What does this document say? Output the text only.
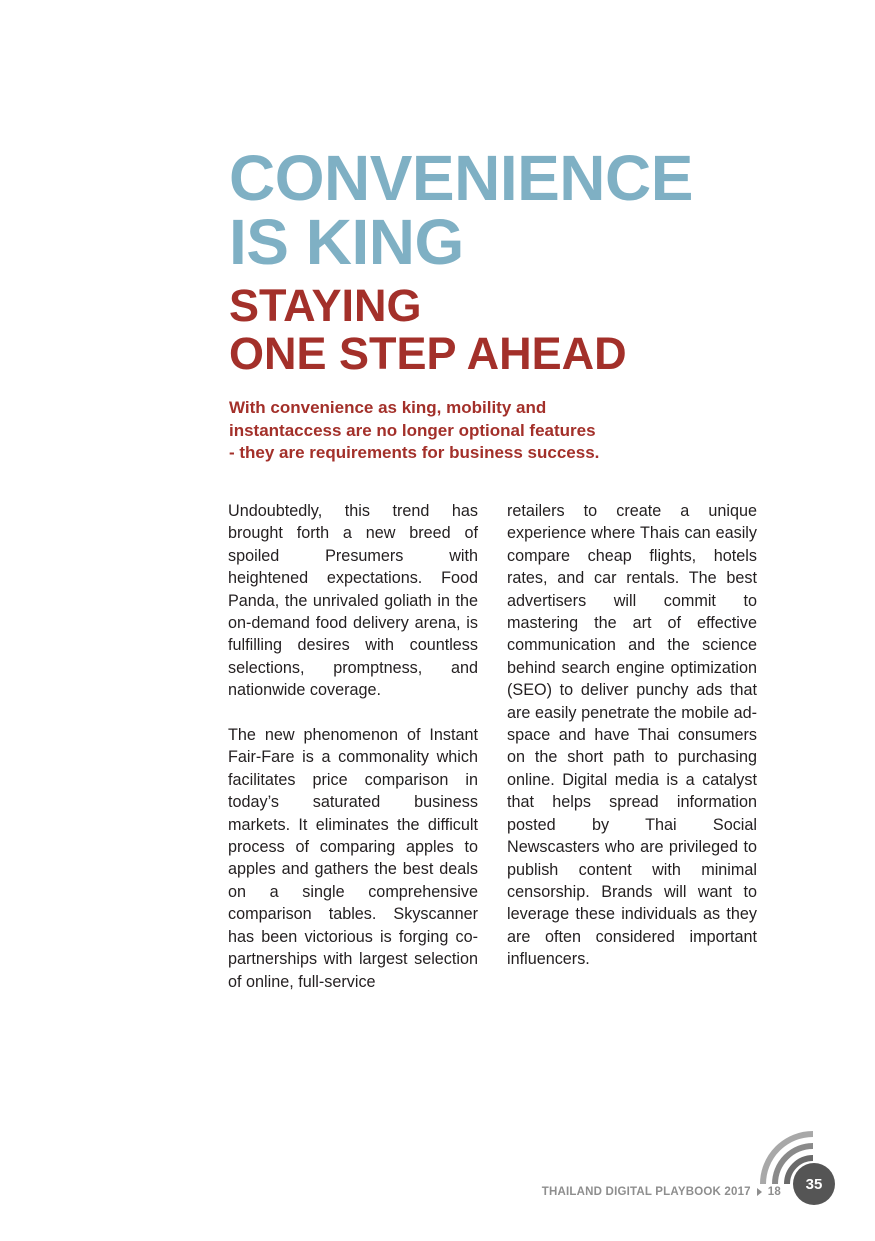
CONVENIENCE
IS KING
STAYING
ONE STEP AHEAD
With convenience as king, mobility and
instantaccess are no longer optional features
- they are requirements for business success.

Undoubtedly, this trend has brought forth a new breed of spoiled Presumers with heightened expectations. Food Panda, the unrivaled goliath in the on-demand food delivery arena, is fulfilling desires with countless selections, promptness, and nationwide coverage.

The new phenomenon of Instant Fair-Fare is a commonality which facilitates price comparison in today’s saturated business markets. It eliminates the difficult process of comparing apples to apples and gathers the best deals on a single comprehensive comparison tables. Skyscanner has been victorious is forging co-partnerships with largest selection of online, full-service

retailers to create a unique experience where Thais can easily compare cheap flights, hotels rates, and car rentals. The best advertisers will commit to mastering the art of effective communication and the science behind search engine optimization (SEO) to deliver punchy ads that are easily penetrate the mobile ad-space and have Thai consumers on the short path to purchasing online. Digital media is a catalyst that helps spread information posted by Thai Social Newscasters who are privileged to publish content with minimal censorship. Brands will want to leverage these individuals as they are often considered important influencers.

THAILAND DIGITAL PLAYBOOK 2017 18 35
